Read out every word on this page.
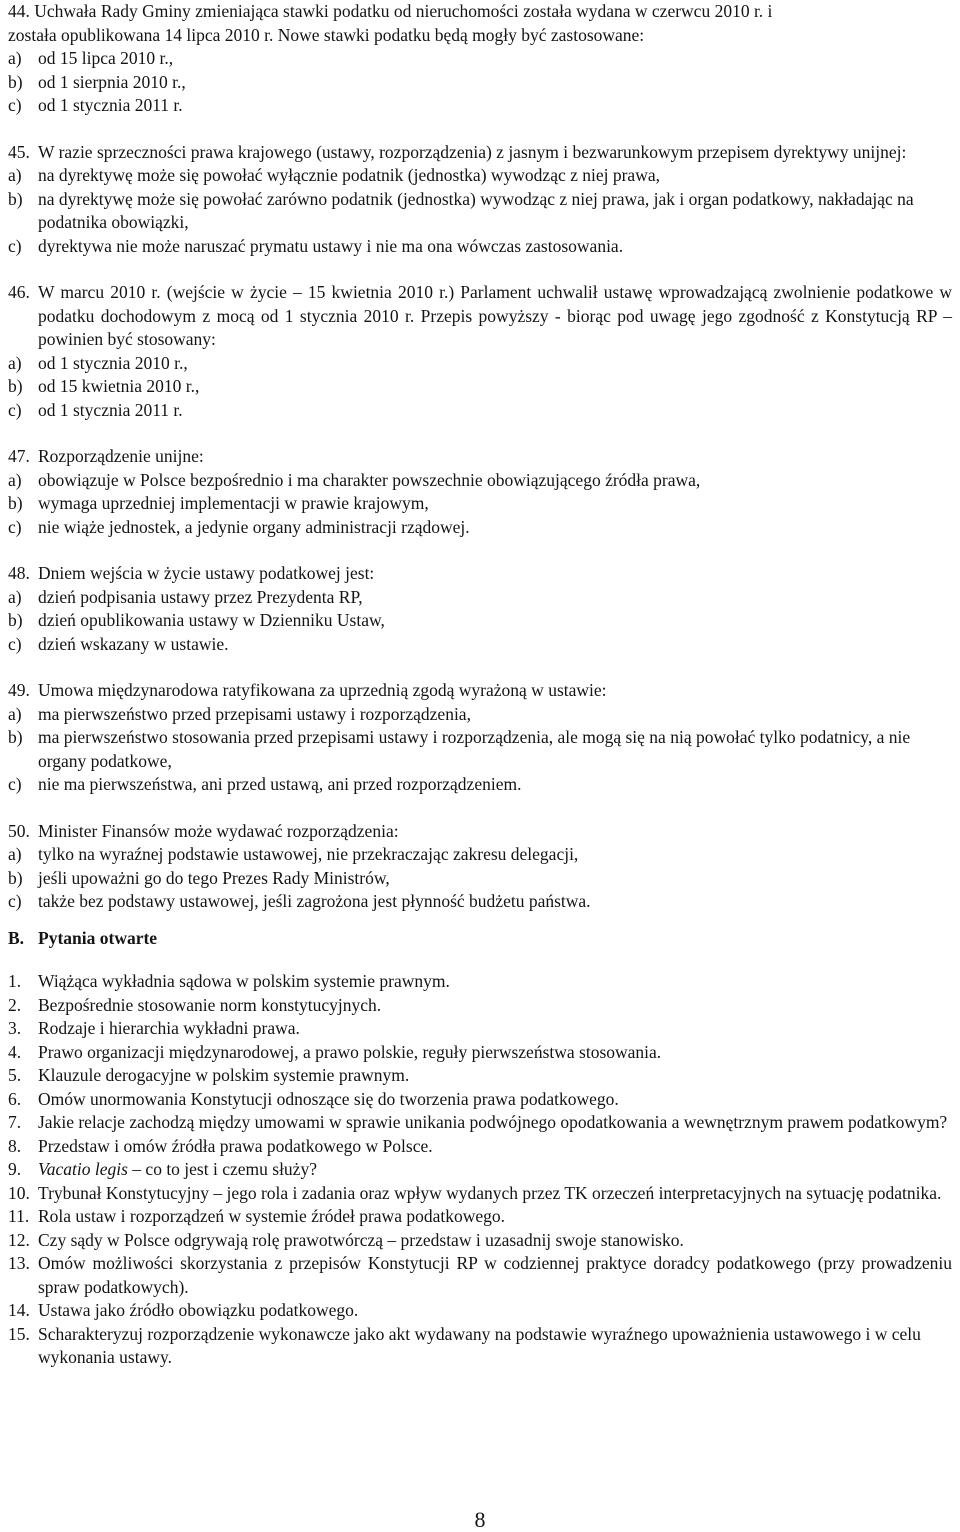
44. Uchwała Rady Gminy zmieniająca stawki podatku od nieruchomości została wydana w czerwcu 2010 r. i
została opublikowana 14 lipca 2010 r. Nowe stawki podatku będą mogły być zastosowane:
a) od 15 lipca 2010 r.,
b) od 1 sierpnia 2010 r.,
c) od 1 stycznia 2011 r.
45. W razie sprzeczności prawa krajowego (ustawy, rozporządzenia) z jasnym i bezwarunkowym przepisem dyrektywy unijnej:
a) na dyrektywę może się powołać wyłącznie podatnik (jednostka) wywodząc z niej prawa,
b) na dyrektywę może się powołać zarówno podatnik (jednostka) wywodząc z niej prawa, jak i organ podatkowy, nakładając na podatnika obowiązki,
c) dyrektywa nie może naruszać prymatu ustawy i nie ma ona wówczas zastosowania.
46. W marcu 2010 r. (wejście w życie – 15 kwietnia 2010 r.) Parlament uchwalił ustawę wprowadzającą zwolnienie podatkowe w podatku dochodowym z mocą od 1 stycznia 2010 r. Przepis powyższy - biorąc pod uwagę jego zgodność z Konstytucją RP – powinien być stosowany:
a) od 1 stycznia 2010 r.,
b) od 15 kwietnia 2010 r.,
c) od 1 stycznia 2011 r.
47. Rozporządzenie unijne:
a) obowiązuje w Polsce bezpośrednio i ma charakter powszechnie obowiązującego źródła prawa,
b) wymaga uprzedniej implementacji w prawie krajowym,
c) nie wiąże jednostek, a jedynie organy administracji rządowej.
48. Dniem wejścia w życie ustawy podatkowej jest:
a) dzień podpisania ustawy przez Prezydenta RP,
b) dzień opublikowania ustawy w Dzienniku Ustaw,
c) dzień wskazany w ustawie.
49. Umowa międzynarodowa ratyfikowana za uprzednią zgodą wyrażoną w ustawie:
a) ma pierwszeństwo przed przepisami ustawy i rozporządzenia,
b) ma pierwszeństwo stosowania przed przepisami ustawy i rozporządzenia, ale mogą się na nią powołać tylko podatnicy, a nie organy podatkowe,
c) nie ma pierwszeństwa, ani przed ustawą, ani przed rozporządzeniem.
50. Minister Finansów może wydawać rozporządzenia:
a) tylko na wyraźnej podstawie ustawowej, nie przekraczając zakresu delegacji,
b) jeśli upoważni go do tego Prezes Rady Ministrów,
c) także bez podstawy ustawowej, jeśli zagrożona jest płynność budżetu państwa.
B. Pytania otwarte
1. Wiążąca wykładnia sądowa w polskim systemie prawnym.
2. Bezpośrednie stosowanie norm konstytucyjnych.
3. Rodzaje i hierarchia wykładni prawa.
4. Prawo organizacji międzynarodowej, a prawo polskie, reguły pierwszeństwa stosowania.
5. Klauzule derogacyjne w polskim systemie prawnym.
6. Omów unormowania Konstytucji odnoszące się do tworzenia prawa podatkowego.
7. Jakie relacje zachodzą między umowami w sprawie unikania podwójnego opodatkowania a wewnętrznym prawem podatkowym?
8. Przedstaw i omów źródła prawa podatkowego w Polsce.
9. Vacatio legis – co to jest i czemu służy?
10. Trybunał Konstytucyjny – jego rola i zadania oraz wpływ wydanych przez TK orzeczeń interpretacyjnych na sytuację podatnika.
11. Rola ustaw i rozporządzeń w systemie źródeł prawa podatkowego.
12. Czy sądy w Polsce odgrywają rolę prawotwórczą – przedstaw i uzasadnij swoje stanowisko.
13. Omów możliwości skorzystania z przepisów Konstytucji RP w codziennej praktyce doradcy podatkowego (przy prowadzeniu spraw podatkowych).
14. Ustawa jako źródło obowiązku podatkowego.
15. Scharakteryzuj rozporządzenie wykonawcze jako akt wydawany na podstawie wyraźnego upoważnienia ustawowego i w celu wykonania ustawy.
8
